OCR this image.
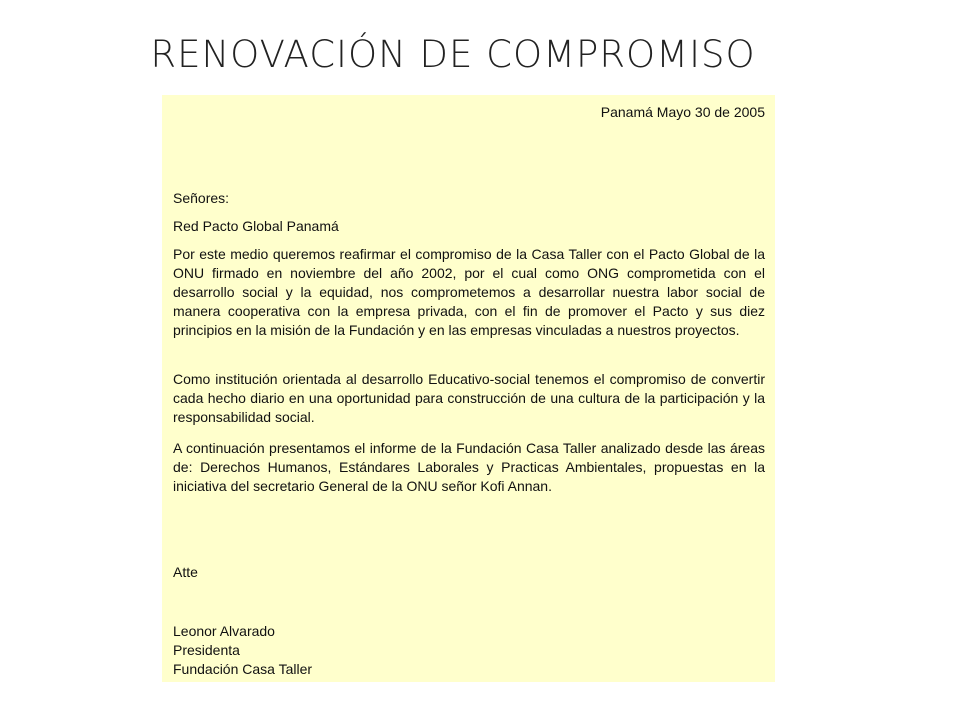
RENOVACIÓN DE COMPROMISO
Panamá Mayo 30 de 2005

Señores:

Red Pacto Global Panamá

Por este medio queremos reafirmar el compromiso de la Casa Taller con el Pacto Global de la ONU firmado en noviembre del año 2002, por el cual como ONG comprometida con el desarrollo social y la equidad, nos comprometemos a desarrollar nuestra labor social de manera cooperativa con la empresa privada, con el fin de promover el Pacto y sus diez principios en la misión de la Fundación y en las empresas vinculadas a nuestros proyectos.

Como institución orientada al desarrollo Educativo-social tenemos el compromiso de convertir cada hecho diario en una oportunidad para construcción de una cultura de la participación y la responsabilidad social.

A continuación presentamos el informe de la Fundación Casa Taller analizado desde las áreas de: Derechos Humanos, Estándares Laborales y Practicas Ambientales, propuestas en la iniciativa del secretario General de la ONU señor Kofi Annan.

Atte

Leonor Alvarado
Presidenta
Fundación Casa Taller
